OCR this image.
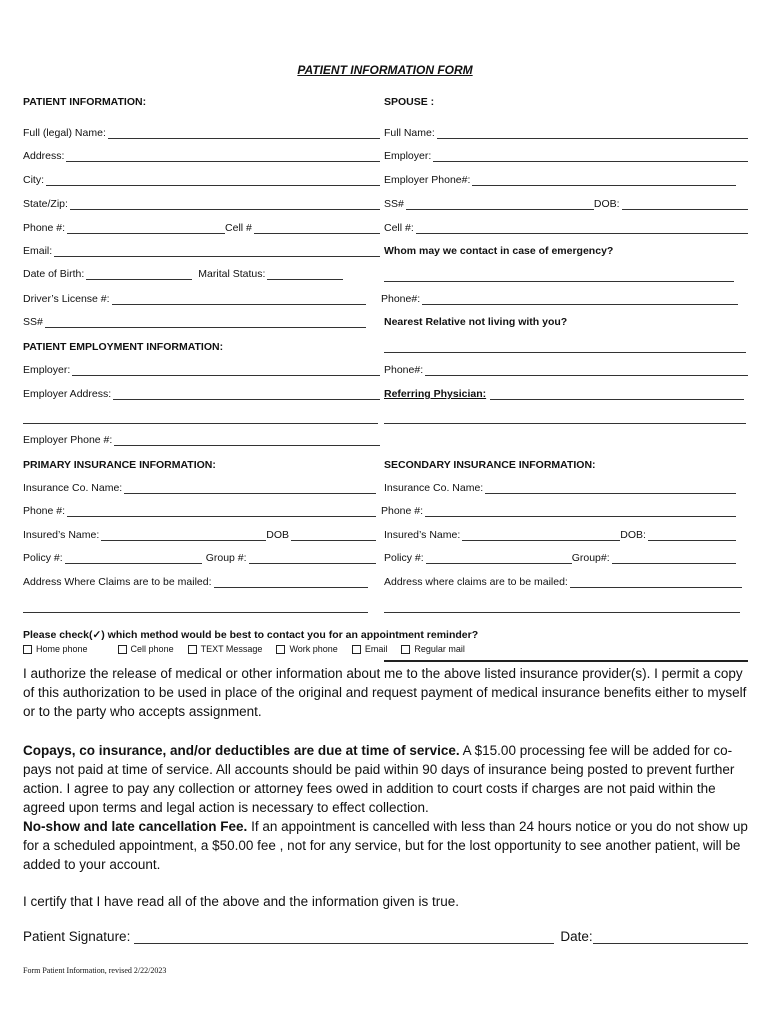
PATIENT INFORMATION FORM
PATIENT INFORMATION:
Full (legal) Name:
Address:
City:
State/Zip:
Phone #:	Cell #
Email:
Date of Birth:	Marital Status:
Driver’s License #:
SS#
PATIENT EMPLOYMENT INFORMATION:
Employer:
Employer Address:
Employer Phone #:
PRIMARY INSURANCE INFORMATION:
Insurance Co. Name:
Phone #:
Insured’s Name:	DOB
Policy #:	Group #:
Address Where Claims are to be mailed:
SPOUSE :
Full Name:
Employer:
Employer Phone#:
SS#	DOB:
Cell #:
Whom may we contact in case of emergency?
Phone#:
Nearest Relative not living with you?
Phone#:
Referring Physician:
SECONDARY INSURANCE INFORMATION:
Insurance Co. Name:
Phone #:
Insured’s Name:	DOB:
Policy #:	Group#:
Address where claims are to be mailed:
Please check(✓) which method would be best to contact you for an appointment reminder?
Home phone	Cell phone	TEXT Message	Work phone	Email	Regular mail
I authorize the release of medical or other information about me to the above listed insurance provider(s). I permit a copy of this authorization to be used in place of the original and request payment of medical insurance benefits either to myself or to the party who accepts assignment.
Copays, co insurance, and/or deductibles are due at time of service. A $15.00 processing fee will be added for co-pays not paid at time of service. All accounts should be paid within 90 days of insurance being posted to prevent further action. I agree to pay any collection or attorney fees owed in addition to court costs if charges are not paid within the agreed upon terms and legal action is necessary to effect collection.
No-show and late cancellation Fee. If an appointment is cancelled with less than 24 hours notice or you do not show up for a scheduled appointment, a $50.00 fee , not for any service, but for the lost opportunity to see another patient, will be added to your account.
I certify that I have read all of the above and the information given is true.
Patient Signature:	Date:
Form Patient Information, revised 2/22/2023
